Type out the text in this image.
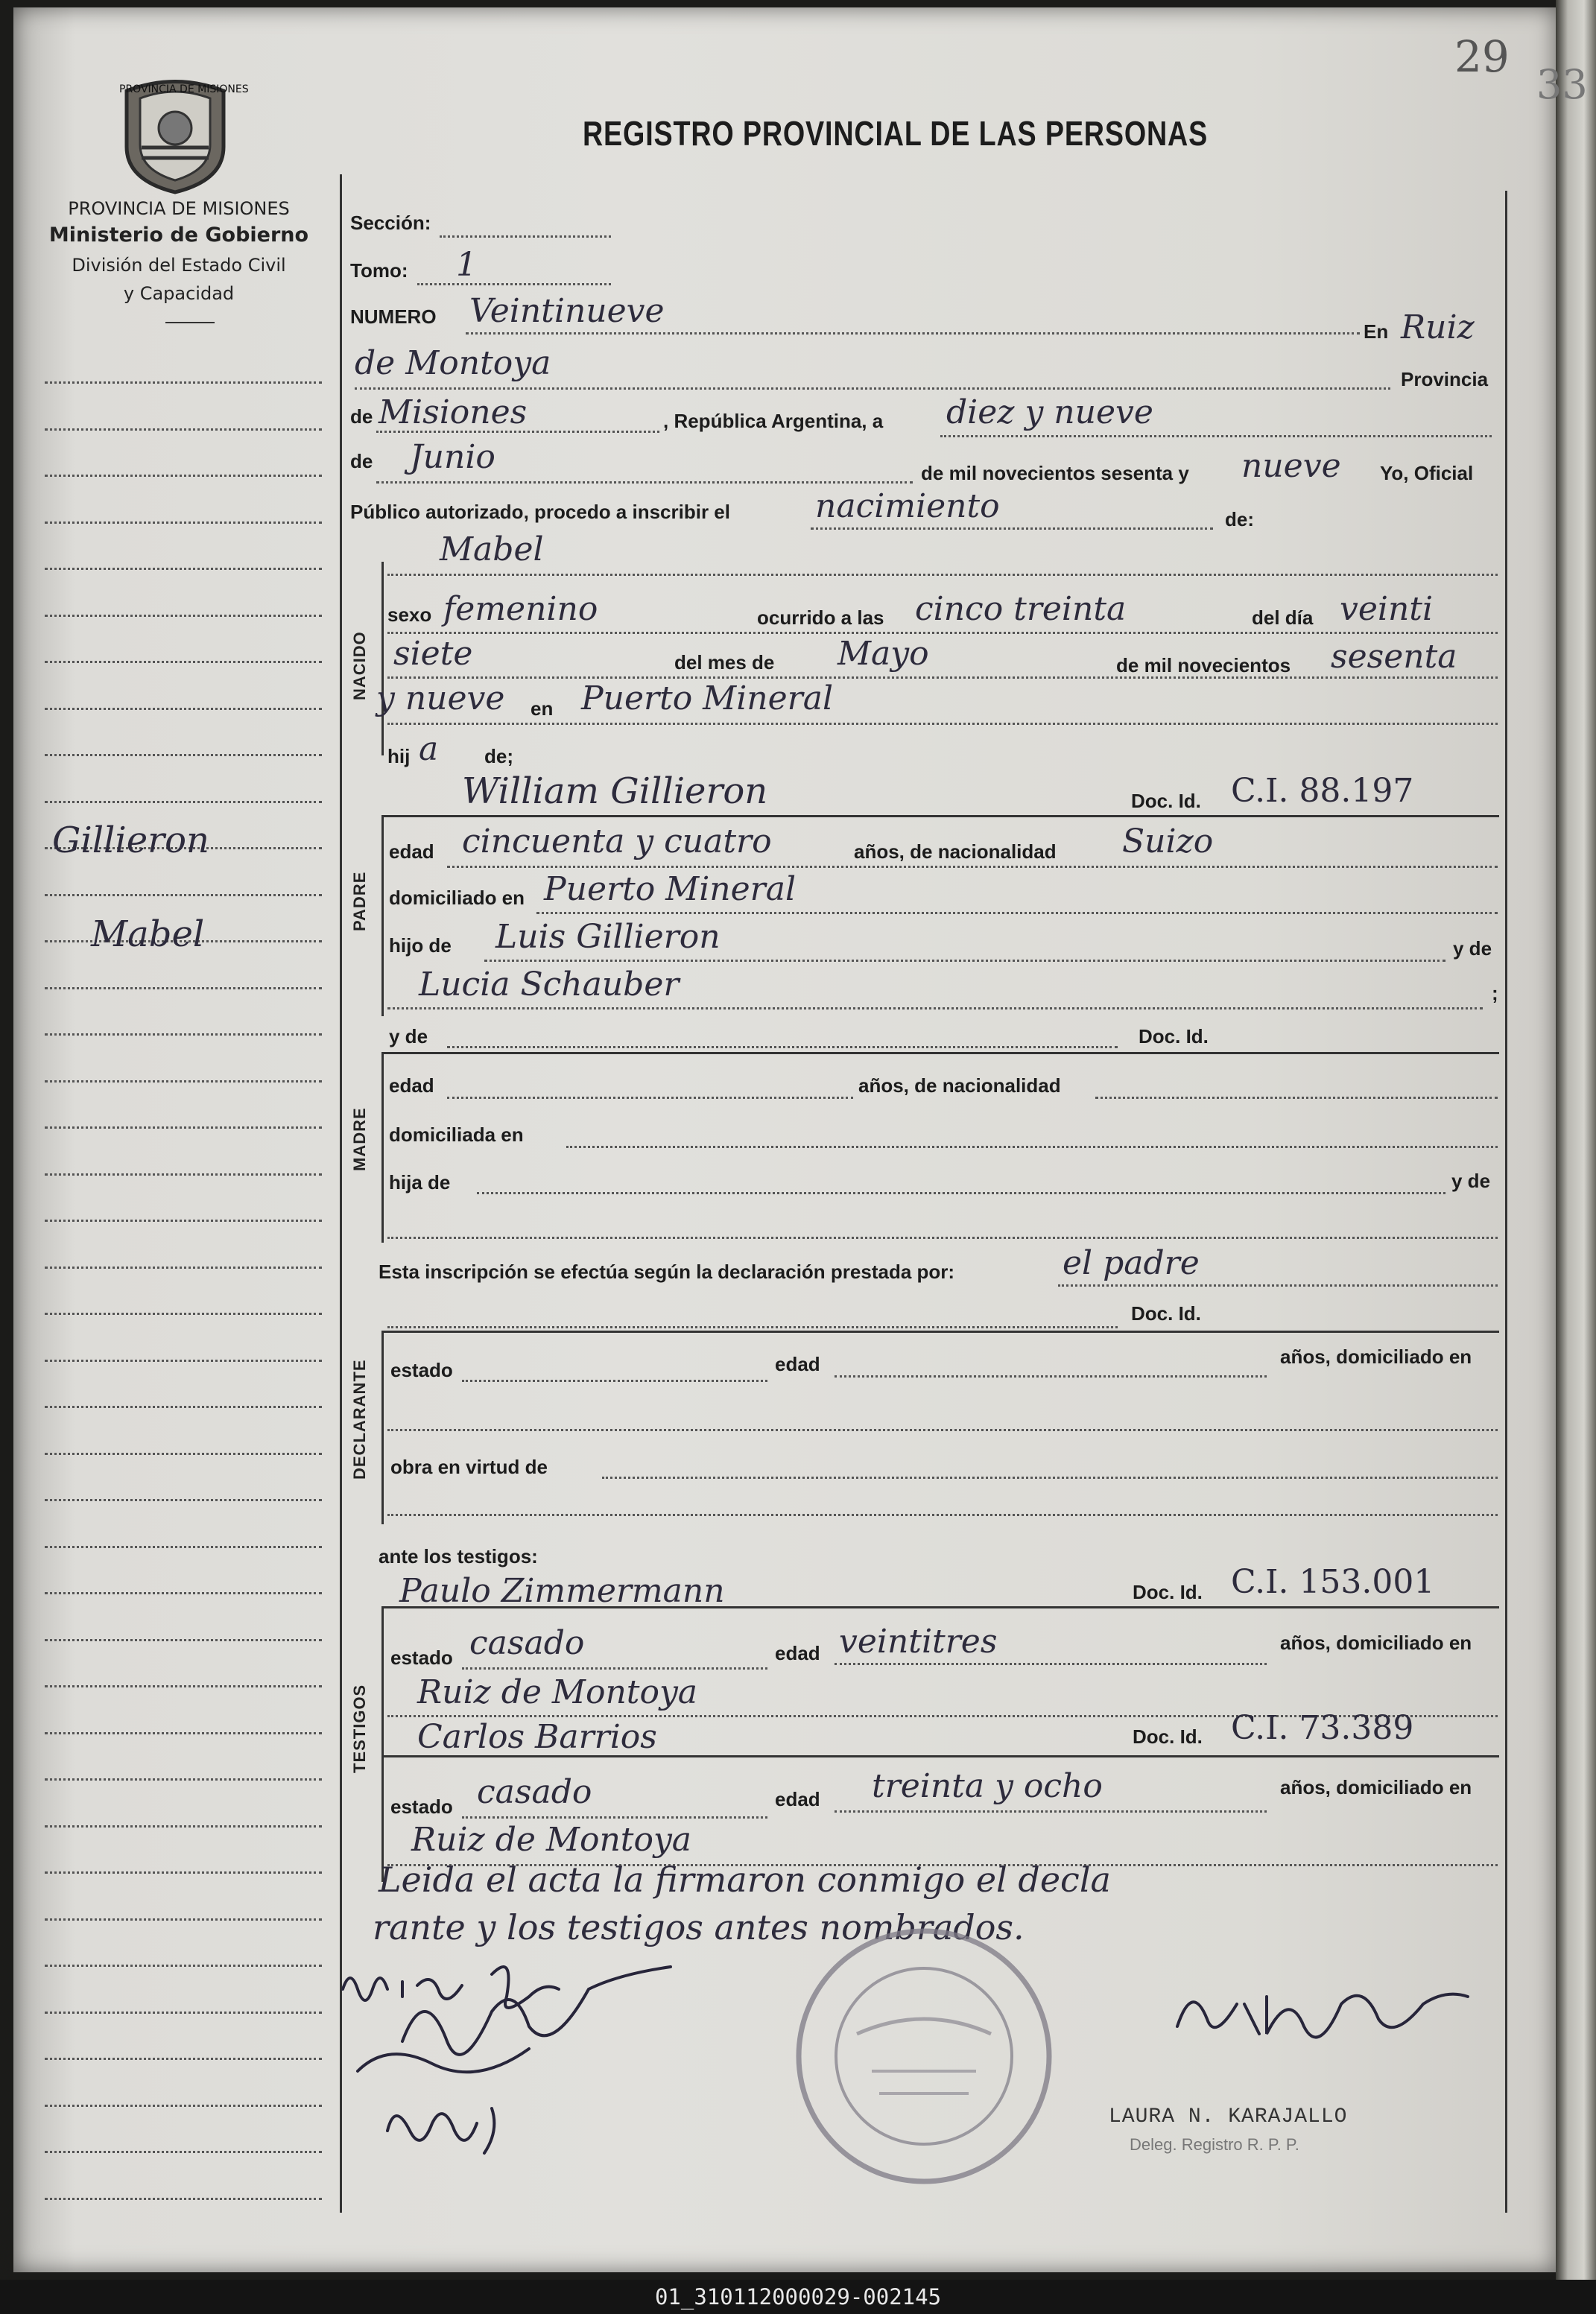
29
33
PROVINCIA DE MISIONES
PROVINCIA DE MISIONES
Ministerio de Gobierno
División del Estado Civil
y Capacidad
REGISTRO PROVINCIAL DE LAS PERSONAS
Gillieron
Mabel
Sección:
Tomo: 1
NUMERO Veintinueve
En Ruiz
de Montoya	Provincia
de Misiones	, República Argentina, a diez y nueve
de Junio	de mil novecientos sesenta y nueve Yo, Oficial
Público autorizado, procedo a inscribir el	nacimiento	de:
NACIDO
Mabel
sexo femenino	ocurrido a las cinco treinta	del día veinti
siete	del mes de Mayo	de mil novecientos sesenta
y nueve en Puerto Mineral
hij a de;
William Gillieron	Doc. Id. C.I. 88.197
PADRE
edad cincuenta y cuatro	años, de nacionalidad Suizo
domiciliado en Puerto Mineral
hijo de Luis Gillieron	y de
Lucia Schauber	;
y de	Doc. Id.
MADRE
edad	años, de nacionalidad
domiciliada en
hija de	y de
Esta inscripción se efectúa según la declaración prestada por:	el padre
Doc. Id.
DECLARANTE estado	edad	años, domiciliado en
obra en virtud de
ante los testigos:
Paulo Zimmermann	Doc. Id. C.I. 153.001
TESTIGOS
estado casado	edad veintitres	años, domiciliado en
Ruiz de Montoya
Carlos Barrios	Doc. Id. C.I. 73.389
estado casado	edad treinta y ocho	años, domiciliado en
Ruiz de Montoya
Leida el acta la firmaron conmigo el decla
rante y los testigos antes nombrados.
LAURA N. KARAJALLO
Deleg. Registro R. P. P.
01_310112000029-002145
